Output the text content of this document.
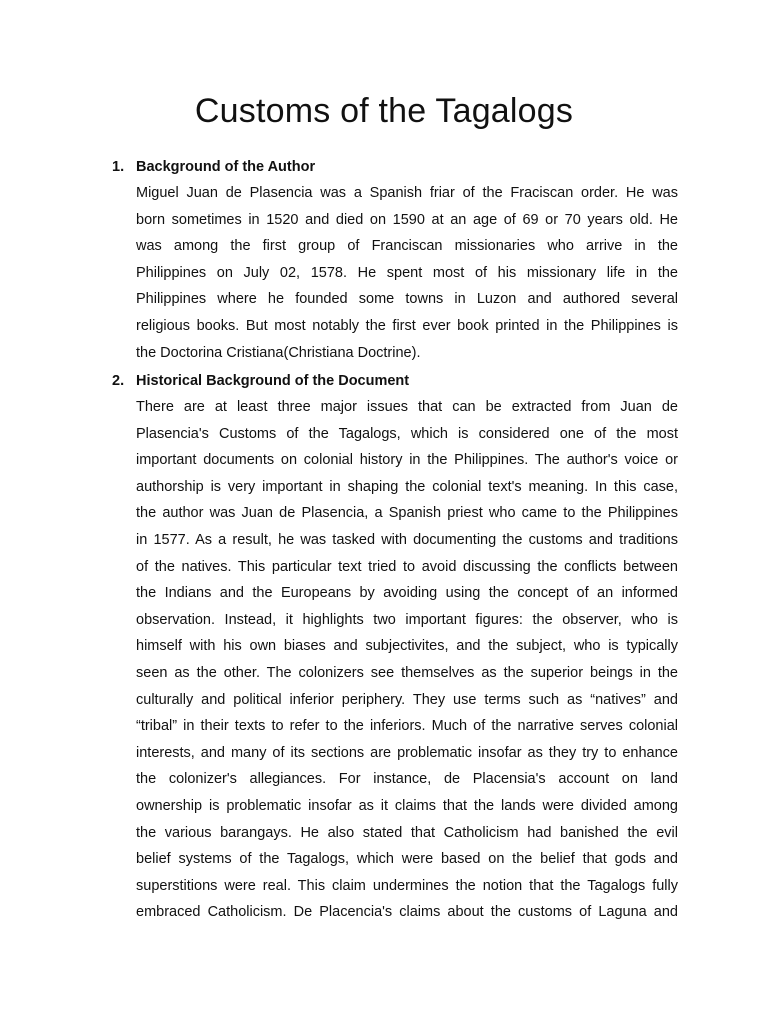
Customs of the Tagalogs
1. Background of the Author
Miguel Juan de Plasencia was a Spanish friar of the Fraciscan order. He was
born sometimes in 1520 and died on 1590 at an age of 69 or 70 years old. He
was among the first group of Franciscan missionaries who arrive in the
Philippines on July 02, 1578. He spent most of his missionary life in the
Philippines where he founded some towns in Luzon and authored several
religious books. But most notably the first ever book printed in the Philippines is
the Doctorina Cristiana(Christiana Doctrine).
2. Historical Background of the Document
There are at least three major issues that can be extracted from Juan de
Plasencia's Customs of the Tagalogs, which is considered one of the most
important documents on colonial history in the Philippines. The author's voice or
authorship is very important in shaping the colonial text's meaning. In this case,
the author was Juan de Plasencia, a Spanish priest who came to the Philippines
in 1577. As a result, he was tasked with documenting the customs and traditions
of the natives. This particular text tried to avoid discussing the conflicts between
the Indians and the Europeans by avoiding using the concept of an informed
observation. Instead, it highlights two important figures: the observer, who is
himself with his own biases and subjectivites, and the subject, who is typically
seen as the other. The colonizers see themselves as the superior beings in the
culturally and political inferior periphery. They use terms such as “natives” and
“tribal” in their texts to refer to the inferiors. Much of the narrative serves colonial
interests, and many of its sections are problematic insofar as they try to enhance
the colonizer's allegiances. For instance, de Placensia's account on land
ownership is problematic insofar as it claims that the lands were divided among
the various barangays. He also stated that Catholicism had banished the evil
belief systems of the Tagalogs, which were based on the belief that gods and
superstitions were real. This claim undermines the notion that the Tagalogs fully
embraced Catholicism. De Placencia's claims about the customs of Laguna and
